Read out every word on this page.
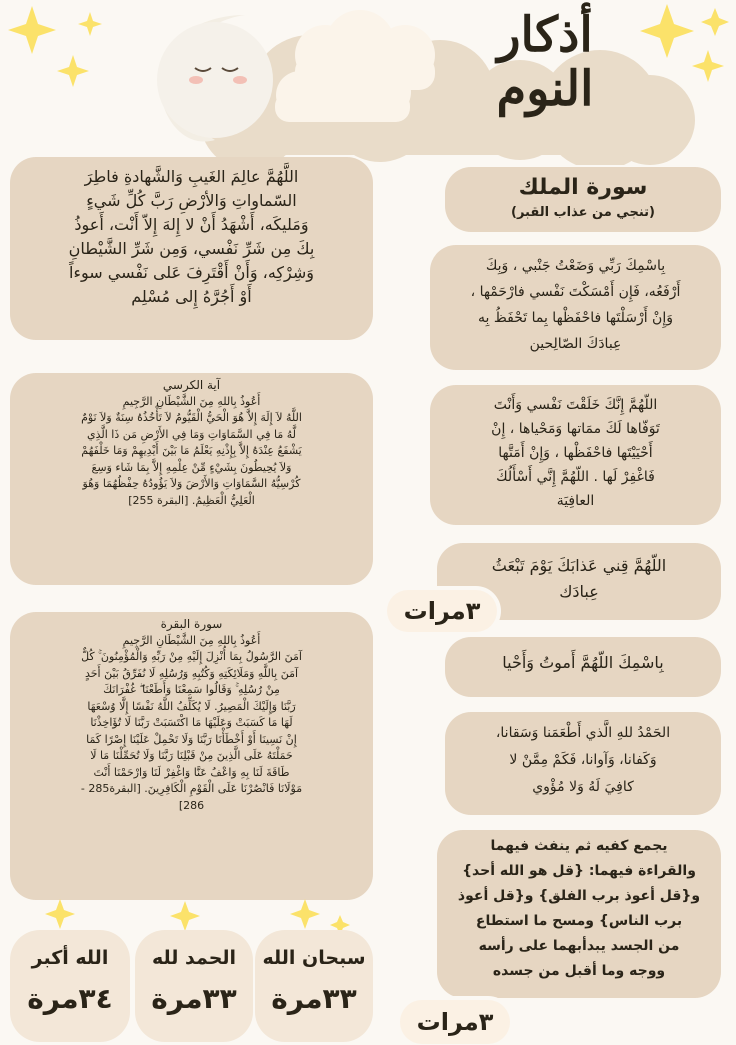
أذكار
النوم
اللَّهُمَّ عالِمَ الغَيبِ وَالشَّهادةِ فاطِرَ
السّماواتِ وَالأرْضِ رَبَّ كُلِّ شَيءٍ
وَمَليكَه، أَشْهَدُ أَنْ لا إِلهَ إِلاّ أَنْت، أَعوذُ
بِكَ مِن شَرِّ نَفْسي، وَمِن شَرِّ الشَّيْطانِ
وَشِرْكِه، وَأَنْ أَقْتَرِفَ عَلى نَفْسي سوءاً
أَوْ أَجُرَّهُ إِلى مُسْلِم
آية الكرسي
أَعُوذُ بِاللهِ مِنَ الشَّيْطَانِ الرَّجِيمِ
اللَّهُ لاَ إِلَهَ إِلاَّ هُوَ الْحَيُّ الْقَيُّومُ لاَ تَأْخُذُهُ سِنَةٌ وَلاَ نَوْمٌ
لَّهُ مَا فِي السَّمَاوَاتِ وَمَا فِي الأَرْضِ مَن ذَا الَّذِي
يَشْفَعُ عِنْدَهُ إِلاَّ بِإِذْنِهِ يَعْلَمُ مَا بَيْنَ أَيْدِيهِمْ وَمَا خَلْفَهُمْ
وَلاَ يُحِيطُونَ بِشَيْءٍ مِّنْ عِلْمِهِ إِلاَّ بِمَا شَاء وَسِعَ
كُرْسِيُّهُ السَّمَاوَاتِ وَالأَرْضَ وَلاَ يَؤُودُهُ حِفْظُهُمَا وَهُوَ
الْعَلِيُّ الْعَظِيمُ. [البقرة 255]
سورة البقرة
أَعُوذُ بِاللهِ مِنَ الشَّيْطَانِ الرَّجِيمِ
آمَنَ الرَّسُولُ بِمَا أُنْزِلَ إِلَيْهِ مِنْ رَبِّهِ وَالْمُؤْمِنُونَ ۚ كُلٌّ
آمَنَ بِاللَّهِ وَمَلَائِكَتِهِ وَكُتُبِهِ وَرُسُلِهِ لَا نُفَرِّقُ بَيْنَ أَحَدٍ
مِنْ رُسُلِهِ ۚ وَقَالُوا سَمِعْنَا وَأَطَعْنَا ۖ غُفْرَانَكَ
رَبَّنَا وَإِلَيْكَ الْمَصِيرُ. لَا يُكَلِّفُ اللَّهُ نَفْسًا إِلَّا وُسْعَهَا
لَهَا مَا كَسَبَتْ وَعَلَيْهَا مَا اكْتَسَبَتْ رَبَّنَا لَا تُؤَاخِذْنَا
إِنْ نَسِينَا أَوْ أَخْطَأْنَا رَبَّنَا وَلَا تَحْمِلْ عَلَيْنَا إِصْرًا كَمَا
حَمَلْتَهُ عَلَى الَّذِينَ مِنْ قَبْلِنَا رَبَّنَا وَلَا تُحَمِّلْنَا مَا لَا
طَاقَةَ لَنَا بِهِ وَاعْفُ عَنَّا وَاغْفِرْ لَنَا وَارْحَمْنَا أَنْتَ
مَوْلَانَا فَانْصُرْنَا عَلَى الْقَوْمِ الْكَافِرِينَ. [البقرة285 -
286]
سورة الملك
(تنجي من عذاب القبر)
بِاسْمِكَ رَبِّي وَضَعْتُ جَنْبي ، وَبِكَ
أَرْفَعُه، فَإِن أَمْسَكْتَ نَفْسي فارْحَمْها ،
وَإِنْ أَرْسَلْتَها فاحْفَظْها بِما تَحْفَظُ بِه
عِبادَكَ الصّالِحين
اللّهُمَّ إِنَّكَ خَلَقْتَ نَفْسي وَأَنْتَ
تَوَفّاها لَكَ ممَاتها وَمَحْياها ، إِنْ
أَحْيَيْتَها فاحْفَظْها ، وَإِنْ أَمَتَّها
فَاغْفِرْ لَها . اللّهُمَّ إِنَّي أَسْأَلُكَ
العافِيَة
اللّهُمَّ قِني عَذابَكَ يَوْمَ تَبْعَثُ
عِبادَك
٣مرات
بِاسْمِكَ اللّهُمَّ أَموتُ وَأَحْيا
الحَمْدُ للهِ الَّذي أَطْعَمَنا وَسَقانا،
وَكَفانا، وَآوانا، فَكَمْ مِمَّنْ لا
كافِيَ لَهُ وَلا مُؤْوي
يجمع كفيه ثم ينفث فيهما
والقراءة فيهما: {قل هو الله أحد}
و{قل أعوذ برب الفلق} و{قل أعوذ
برب الناس} ومسح ما استطاع
من الجسد يبدأبهما على رأسه
ووجه وما أقبل من جسده
٣مرات
سبحان الله
٣٣مرة
الحمد لله
٣٣مرة
الله أكبر
٣٤مرة
